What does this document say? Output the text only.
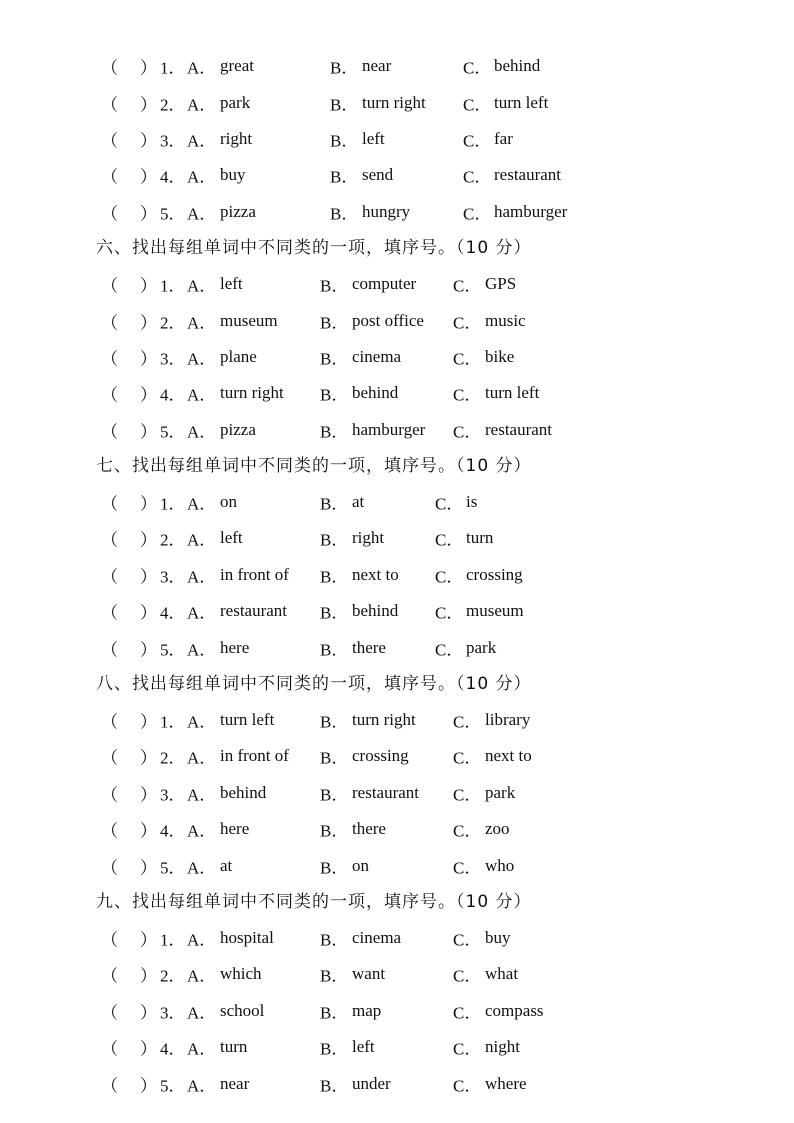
（ ） 1． A． great	B． near	C． behind
（ ） 2． A． park	B． turn right C． turn left
（ ） 3． A． right	B． left	C． far
（ ） 4． A． buy	B． send	C． restaurant
（ ） 5． A． pizza	B． hungry	C． hamburger
六、找出每组单词中不同类的一项，填序号。（10 分）
（ ） 1． A． left	B． computer C． GPS
（ ） 2． A． museum B． post office C． music
（ ） 3． A． plane	B． cinema	C． bike
（ ） 4． A． turn right B． behind	C． turn left
（ ） 5． A． pizza	B． hamburger C． restaurant
七、找出每组单词中不同类的一项，填序号。（10 分）
（ ） 1． A． on	B． at	C． is
（ ） 2． A． left	B． right	C． turn
（ ） 3． A． in front of B． next to C． crossing
（ ） 4． A． restaurant B． behind C． museum
（ ） 5． A． here	B． there	C． park
八、找出每组单词中不同类的一项，填序号。（10 分）
（ ） 1． A． turn left	B． turn right C． library
（ ） 2． A． in front of B． crossing	C． next to
（ ） 3． A． behind	B． restaurant C． park
（ ） 4． A． here	B． there	C． zoo
（ ） 5． A． at	B． on	C． who
九、找出每组单词中不同类的一项，填序号。（10 分）
（ ） 1． A． hospital	B． cinema	C． buy
（ ） 2． A． which	B． want	C． what
（ ） 3． A． school	B． map	C． compass
（ ） 4． A． turn	B． left	C． night
（ ） 5． A． near	B． under	C． where
